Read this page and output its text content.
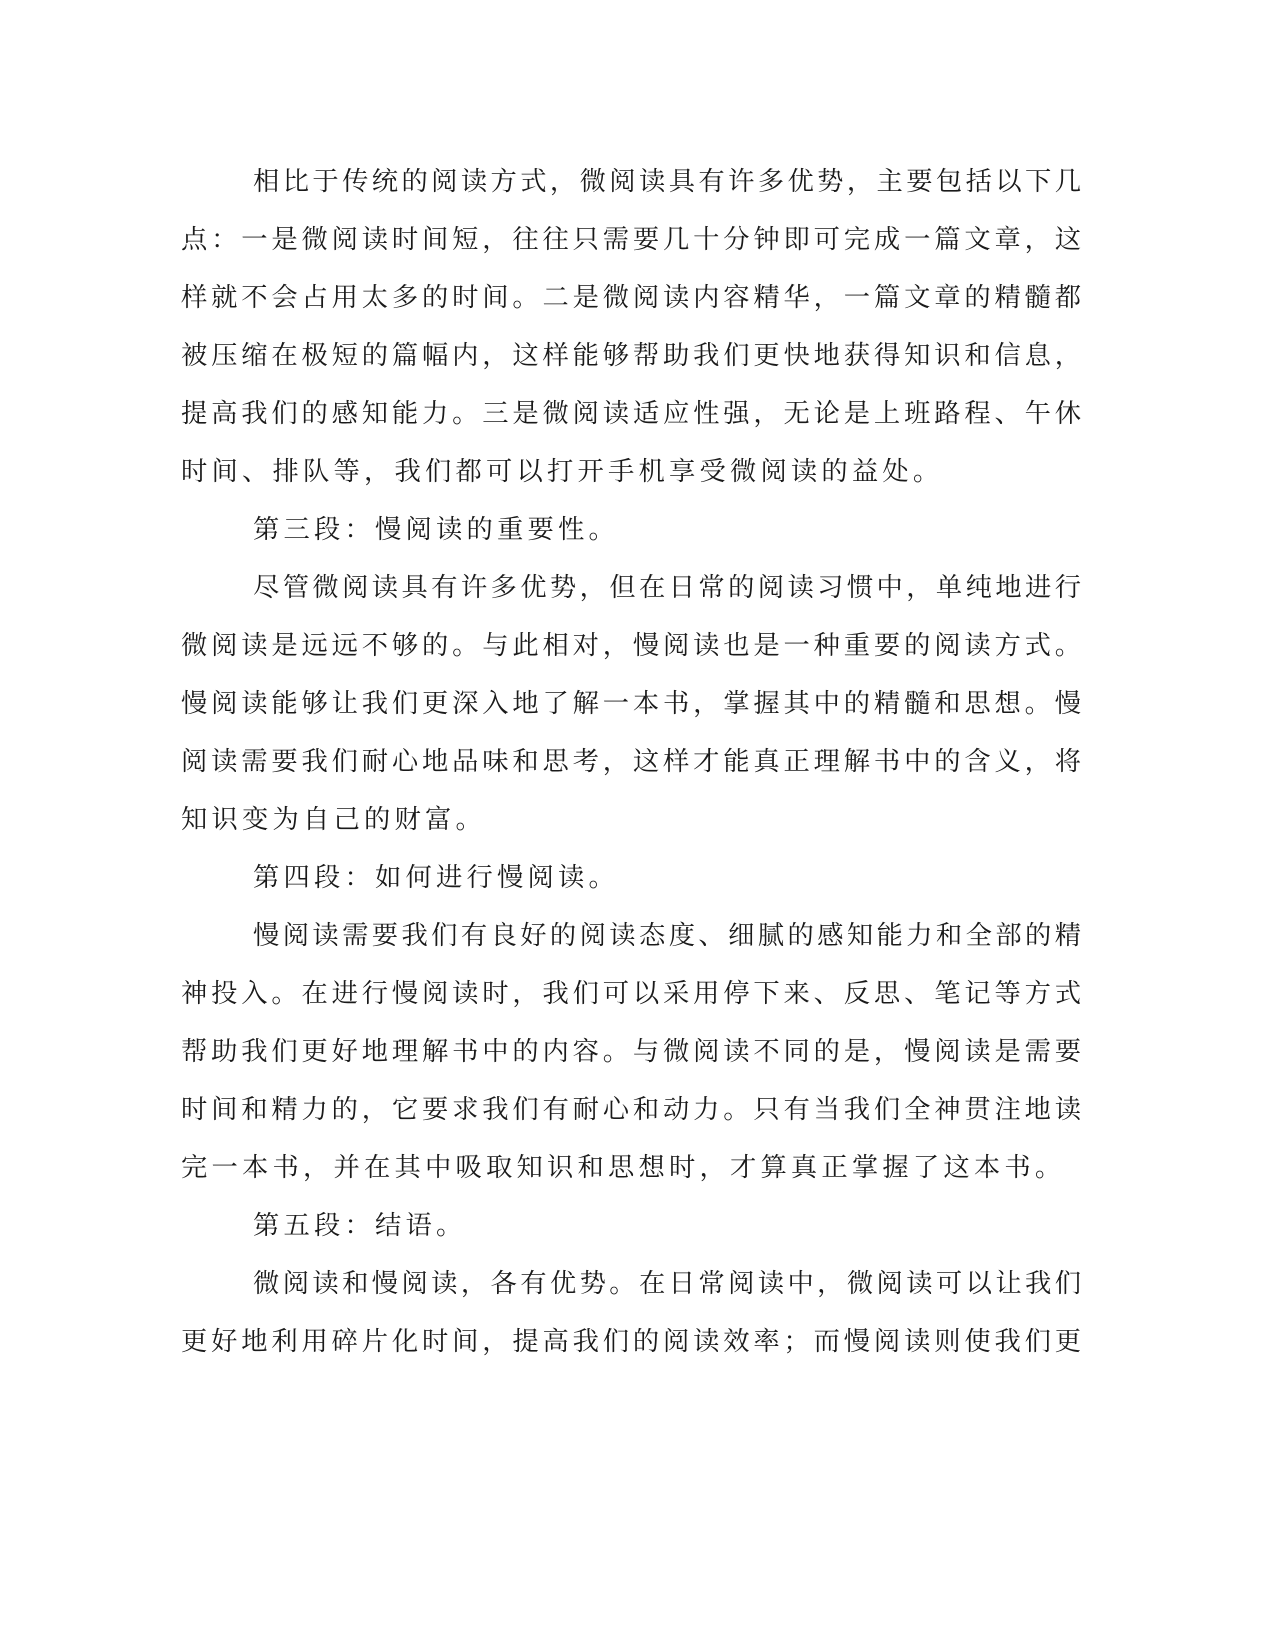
相比于传统的阅读方式，微阅读具有许多优势，主要包括以下几
点：一是微阅读时间短，往往只需要几十分钟即可完成一篇文章，这
样就不会占用太多的时间。二是微阅读内容精华，一篇文章的精髓都
被压缩在极短的篇幅内，这样能够帮助我们更快地获得知识和信息，
提高我们的感知能力。三是微阅读适应性强，无论是上班路程、午休
时间、排队等，我们都可以打开手机享受微阅读的益处。
第三段：慢阅读的重要性。
尽管微阅读具有许多优势，但在日常的阅读习惯中，单纯地进行
微阅读是远远不够的。与此相对，慢阅读也是一种重要的阅读方式。
慢阅读能够让我们更深入地了解一本书，掌握其中的精髓和思想。慢
阅读需要我们耐心地品味和思考，这样才能真正理解书中的含义，将
知识变为自己的财富。
第四段：如何进行慢阅读。
慢阅读需要我们有良好的阅读态度、细腻的感知能力和全部的精
神投入。在进行慢阅读时，我们可以采用停下来、反思、笔记等方式
帮助我们更好地理解书中的内容。与微阅读不同的是，慢阅读是需要
时间和精力的，它要求我们有耐心和动力。只有当我们全神贯注地读
完一本书，并在其中吸取知识和思想时，才算真正掌握了这本书。
第五段：结语。
微阅读和慢阅读，各有优势。在日常阅读中，微阅读可以让我们
更好地利用碎片化时间，提高我们的阅读效率；而慢阅读则使我们更
